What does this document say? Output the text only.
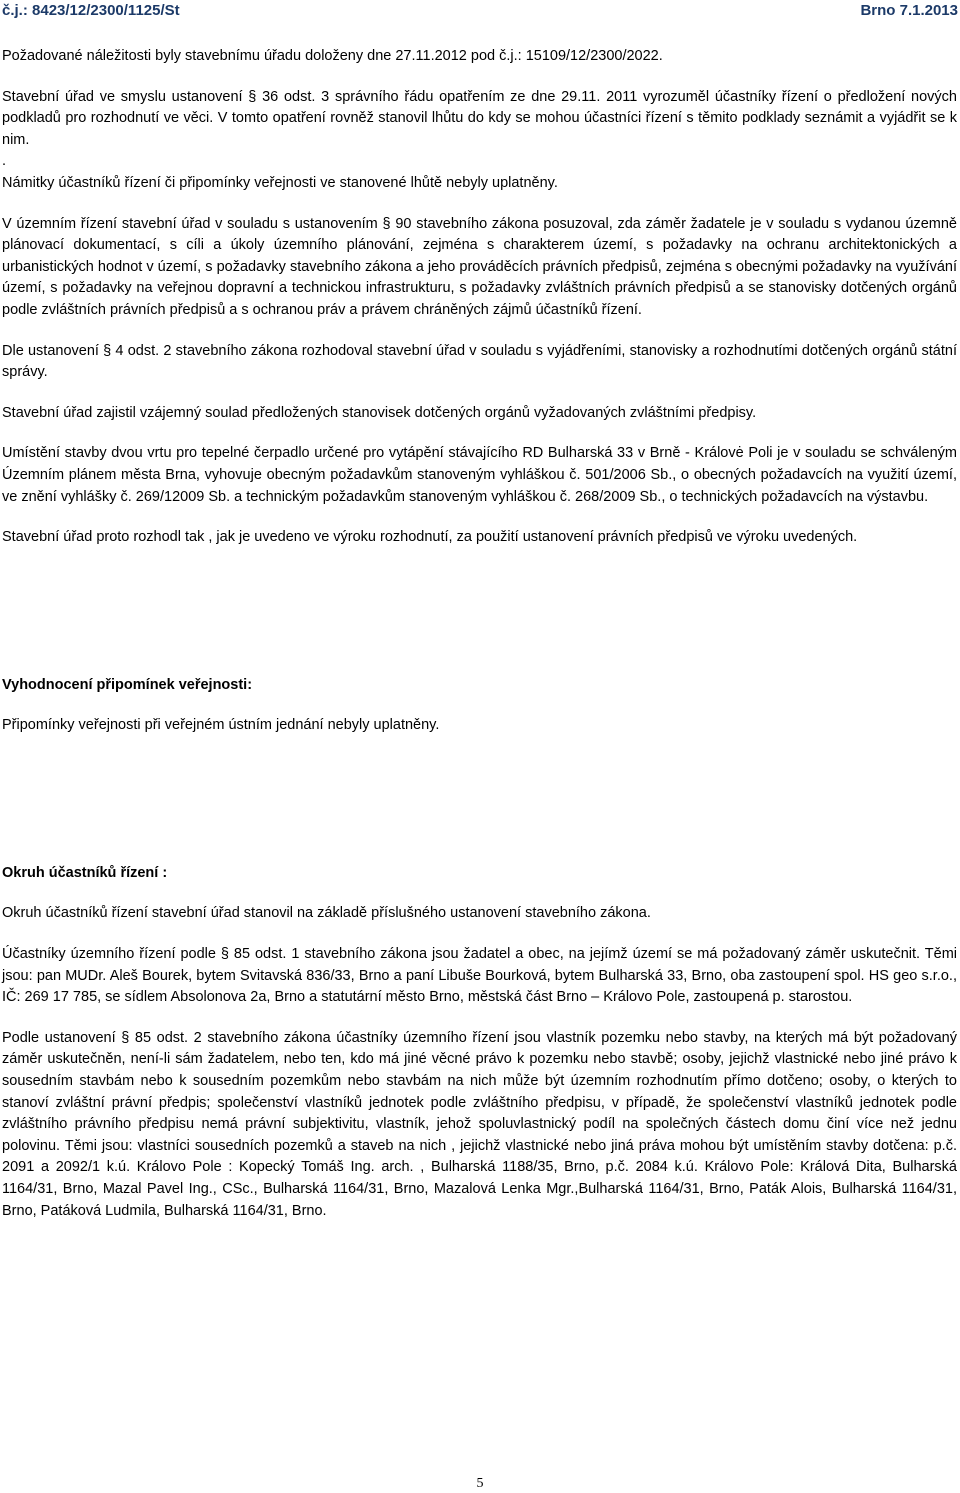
č.j.: 8423/12/2300/1125/St	Brno 7.1.2013

Požadované náležitosti byly stavebnímu úřadu doloženy dne 27.11.2012 pod č.j.: 15109/12/2300/2022.

Stavební úřad ve smyslu ustanovení § 36 odst. 3 správního řádu opatřením ze dne 29.11. 2011 vyrozuměl účastníky řízení o předložení nových podkladů pro rozhodnutí ve věci. V tomto opatření rovněž stanovil lhůtu do kdy se mohou účastníci řízení s těmito podklady seznámit a vyjádřit se k nim.

.

Námitky účastníků řízení či připomínky veřejnosti ve stanovené lhůtě nebyly uplatněny.

V územním řízení stavební úřad v souladu s ustanovením § 90 stavebního zákona posuzoval, zda záměr žadatele je v souladu s vydanou územně plánovací dokumentací, s cíli a úkoly územního plánování, zejména s charakterem území, s požadavky na ochranu architektonických a urbanistických hodnot v území, s požadavky stavebního zákona a jeho prováděcích právních předpisů, zejména s obecnými požadavky na využívání území, s požadavky na veřejnou dopravní a technickou infrastrukturu, s požadavky zvláštních právních předpisů a se stanovisky dotčených orgánů podle zvláštních právních předpisů a s ochranou práv a právem chráněných zájmů účastníků řízení.

Dle ustanovení § 4 odst. 2 stavebního zákona rozhodoval stavební úřad v souladu s vyjádřeními, stanovisky a rozhodnutími dotčených orgánů státní správy.

Stavební úřad zajistil vzájemný soulad předložených stanovisek dotčených orgánů vyžadovaných zvláštními předpisy.

Umístění stavby dvou vrtu pro tepelné čerpadlo určené pro vytápění stávajícího RD Bulharská 33 v Brně - Královė Poli je v souladu se schváleným Územním plánem města Brna, vyhovuje obecným požadavkům stanoveným vyhláškou č. 501/2006 Sb., o obecných požadavcích na využití území, ve znění vyhlášky č. 269/12009 Sb. a technickým požadavkům stanoveným vyhláškou č. 268/2009 Sb., o technických požadavcích na výstavbu.

Stavební úřad proto rozhodl tak , jak je uvedeno ve výroku rozhodnutí, za použití ustanovení právních předpisů ve výroku uvedených.

Vyhodnocení připomínek veřejnosti:

Připomínky veřejnosti při veřejném ústním jednání nebyly uplatněny.

Okruh účastníků řízení :

Okruh účastníků řízení stavební úřad stanovil na základě příslušného ustanovení stavebního zákona.

Účastníky územního řízení podle § 85 odst. 1 stavebního zákona jsou žadatel a obec, na jejímž území se má požadovaný záměr uskutečnit. Těmi jsou: pan MUDr. Aleš Bourek, bytem Svitavská 836/33, Brno a paní Libuše Bourková, bytem Bulharská 33, Brno, oba zastoupení spol. HS geo s.r.o., IČ: 269 17 785, se sídlem Absolonova 2a, Brno a statutární město Brno, městská část Brno – Královo Pole, zastoupená p. starostou.

Podle ustanovení § 85 odst. 2 stavebního zákona účastníky územního řízení jsou vlastník pozemku nebo stavby, na kterých má být požadovaný záměr uskutečněn, není-li sám žadatelem, nebo ten, kdo má jiné věcné právo k pozemku nebo stavbě; osoby, jejichž vlastnické nebo jiné právo k sousedním stavbám nebo k sousedním pozemkům nebo stavbám na nich může být územním rozhodnutím přímo dotčeno; osoby, o kterých to stanoví zvláštní právní předpis; společenství vlastníků jednotek podle zvláštního předpisu, v případě, že společenství vlastníků jednotek podle zvláštního právního předpisu nemá právní subjektivitu, vlastník, jehož spoluvlastnický podíl na společných částech domu činí více než jednu polovinu. Těmi jsou: vlastníci sousedních pozemků a staveb na nich , jejichž vlastnické nebo jiná práva mohou být umístěním stavby dotčena: p.č. 2091 a 2092/1 k.ú. Královo Pole : Kopecký Tomáš Ing. arch. , Bulharská 1188/35, Brno, p.č. 2084 k.ú. Královo Pole: Králová Dita, Bulharská 1164/31, Brno, Mazal Pavel Ing., CSc., Bulharská 1164/31, Brno, Mazalová Lenka Mgr.,Bulharská 1164/31, Brno, Paták Alois, Bulharská 1164/31, Brno, Patáková Ludmila, Bulharská 1164/31, Brno.

5
